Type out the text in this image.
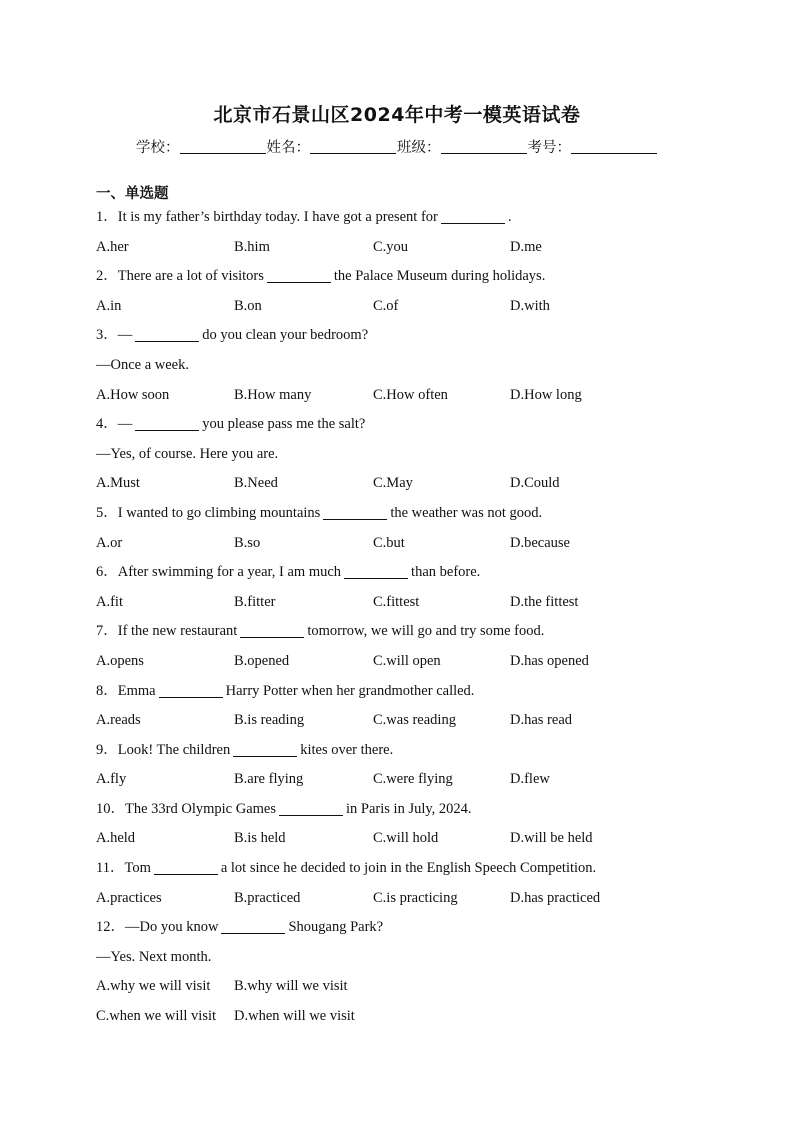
北京市石景山区2024年中考一模英语试卷
学校：	姓名：	班级：	考号：
一、单选题
1．It is my father’s birthday today. I have got a present for	.
A.her	B.him	C.you	D.me
2．There are a lot of visitors	the Palace Museum during holidays.
A.in	B.on	C.of	D.with
3．—	do you clean your bedroom?
—Once a week.
A.How soon	B.How many	C.How often	D.How long
4．—	you please pass me the salt?
—Yes, of course. Here you are.
A.Must	B.Need	C.May	D.Could
5．I wanted to go climbing mountains	the weather was not good.
A.or	B.so	C.but	D.because
6．After swimming for a year, I am much	than before.
A.fit	B.fitter	C.fittest	D.the fittest
7．If the new restaurant	tomorrow, we will go and try some food.
A.opens	B.opened	C.will open	D.has opened
8．Emma	Harry Potter when her grandmother called.
A.reads	B.is reading	C.was reading	D.has read
9．Look! The children	kites over there.
A.fly	B.are flying	C.were flying	D.flew
10．The 33rd Olympic Games	in Paris in July, 2024.
A.held	B.is held	C.will hold	D.will be held
11．Tom	a lot since he decided to join in the English Speech Competition.
A.practices	B.practiced	C.is practicing	D.has practiced
12．—Do you know	Shougang Park?
—Yes. Next month.
A.why we will visit B.why will we visit
C.when we will visit D.when will we visit
